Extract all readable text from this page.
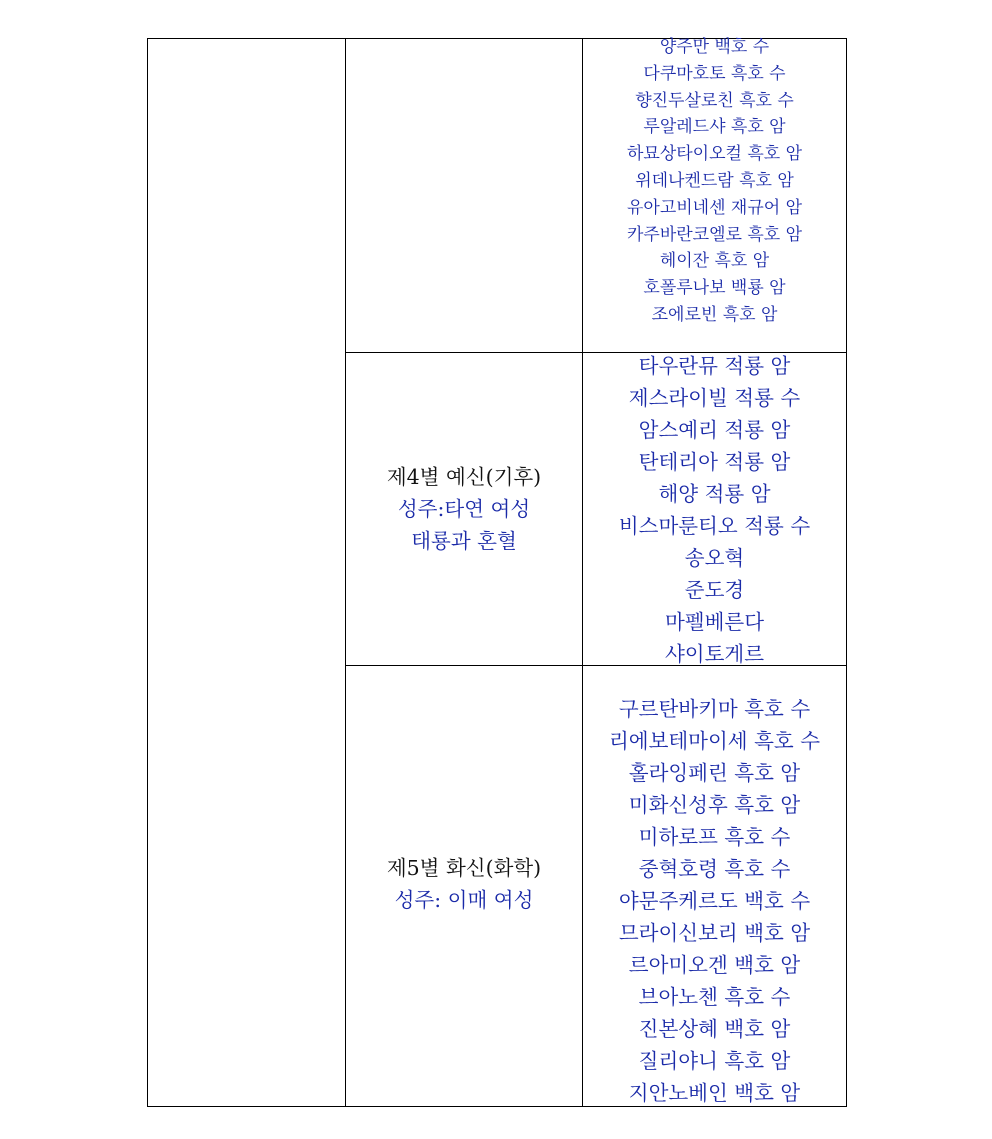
양주만 백호 수
다쿠마호토 흑호 수
향진두살로친 흑호 수
루알레드샤 흑호 암
하묘상타이오컬 흑호 암
위데나켄드람 흑호 암
유아고비네센 재규어 암
카주바란코엘로 흑호 암
헤이잔 흑호 암
호폴루나보 백룡 암
조에로빈 흑호 암
제4별 예신(기후)
성주:타연 여성
태룡과 혼혈
타우란뮤 적룡 암
제스라이빌 적룡 수
암스예리 적룡 암
탄테리아 적룡 암
해양 적룡 암
비스마룬티오 적룡 수
송오혁
준도경
마펠베른다
샤이토게르
제5별 화신(화학)
성주: 이매 여성
구르탄바키마 흑호 수
리에보테마이세 흑호 수
홀라잉페린 흑호 암
미화신성후 흑호 암
미하로프 흑호 수
중혁호령 흑호 수
야문주케르도 백호 수
므라이신보리 백호 암
르아미오겐 백호 암
브아노첸 흑호 수
진본상혜 백호 암
질리야니 흑호 암
지안노베인 백호 암
